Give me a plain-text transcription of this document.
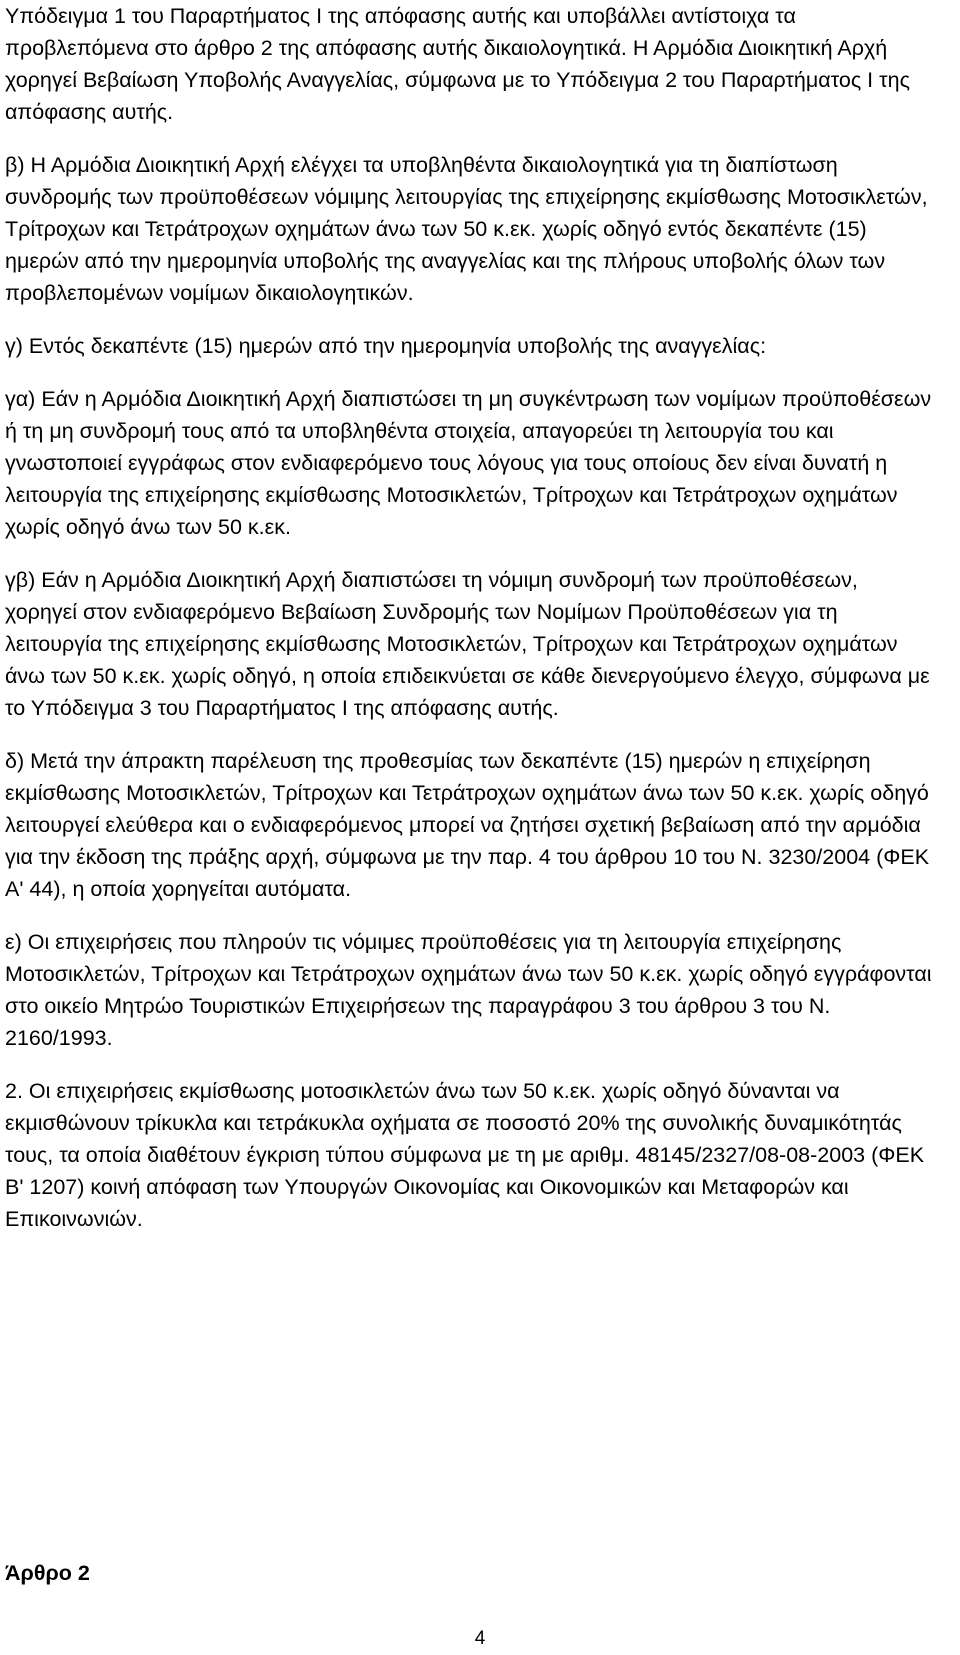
Υπόδειγμα 1 του Παραρτήματος Ι της απόφασης αυτής και υποβάλλει αντίστοιχα τα προβλεπόμενα στο άρθρο 2 της απόφασης αυτής δικαιολογητικά. Η Αρμόδια Διοικητική Αρχή χορηγεί Βεβαίωση Υποβολής Αναγγελίας, σύμφωνα με το Υπόδειγμα 2 του Παραρτήματος Ι της απόφασης αυτής.

β) Η Αρμόδια Διοικητική Αρχή ελέγχει τα υποβληθέντα δικαιολογητικά για τη διαπίστωση συνδρομής των προϋποθέσεων νόμιμης λειτουργίας της επιχείρησης εκμίσθωσης Μοτοσικλετών, Τρίτροχων και Τετράτροχων οχημάτων άνω των 50 κ.εκ. χωρίς οδηγό εντός δεκαπέντε (15) ημερών από την ημερομηνία υποβολής της αναγγελίας και της πλήρους υποβολής όλων των προβλεπομένων νομίμων δικαιολογητικών.

γ) Εντός δεκαπέντε (15) ημερών από την ημερομηνία υποβολής της αναγγελίας:

γα) Εάν η Αρμόδια Διοικητική Αρχή διαπιστώσει τη μη συγκέντρωση των νομίμων προϋποθέσεων ή τη μη συνδρομή τους από τα υποβληθέντα στοιχεία, απαγορεύει τη λειτουργία του και γνωστοποιεί εγγράφως στον ενδιαφερόμενο τους λόγους για τους οποίους δεν είναι δυνατή η λειτουργία της επιχείρησης εκμίσθωσης Μοτοσικλετών, Τρίτροχων και Τετράτροχων οχημάτων χωρίς οδηγό άνω των 50 κ.εκ.

γβ) Εάν η Αρμόδια Διοικητική Αρχή διαπιστώσει τη νόμιμη συνδρομή των προϋποθέσεων, χορηγεί στον ενδιαφερόμενο Βεβαίωση Συνδρομής των Νομίμων Προϋποθέσεων για τη λειτουργία της επιχείρησης εκμίσθωσης Μοτοσικλετών, Τρίτροχων και Τετράτροχων οχημάτων άνω των 50 κ.εκ. χωρίς οδηγό, η οποία επιδεικνύεται σε κάθε διενεργούμενο έλεγχο, σύμφωνα με το Υπόδειγμα 3 του Παραρτήματος Ι της απόφασης αυτής.

δ) Μετά την άπρακτη παρέλευση της προθεσμίας των δεκαπέντε (15) ημερών η επιχείρηση εκμίσθωσης Μοτοσικλετών, Τρίτροχων και Τετράτροχων οχημάτων άνω των 50 κ.εκ. χωρίς οδηγό λειτουργεί ελεύθερα και ο ενδιαφερόμενος μπορεί να ζητήσει σχετική βεβαίωση από την αρμόδια για την έκδοση της πράξης αρχή, σύμφωνα με την παρ. 4 του άρθρου 10 του Ν. 3230/2004 (ΦΕΚ Α' 44), η οποία χορηγείται αυτόματα.

ε) Οι επιχειρήσεις που πληρούν τις νόμιμες προϋποθέσεις για τη λειτουργία επιχείρησης Μοτοσικλετών, Τρίτροχων και Τετράτροχων οχημάτων άνω των 50 κ.εκ. χωρίς οδηγό εγγράφονται στο οικείο Μητρώο Τουριστικών Επιχειρήσεων της παραγράφου 3 του άρθρου 3 του Ν. 2160/1993.

2. Οι επιχειρήσεις εκμίσθωσης μοτοσικλετών άνω των 50 κ.εκ. χωρίς οδηγό δύνανται να εκμισθώνουν τρίκυκλα και τετράκυκλα οχήματα σε ποσοστό 20% της συνολικής δυναμικότητάς τους, τα οποία διαθέτουν έγκριση τύπου σύμφωνα με τη με αριθμ. 48145/2327/08-08-2003 (ΦΕΚ Β' 1207) κοινή απόφαση των Υπουργών Οικονομίας και Οικονομικών και Μεταφορών και Επικοινωνιών.

Άρθρο 2

4
